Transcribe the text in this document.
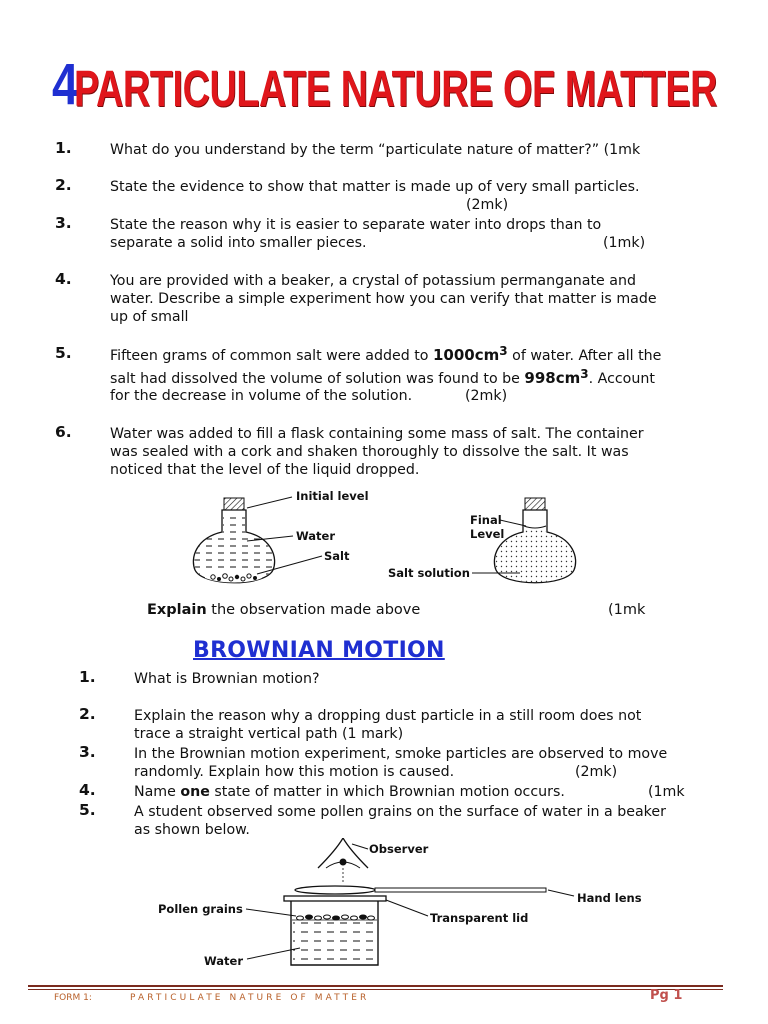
4
PARTICULATE NATURE OF MATTER
1.	What do you understand by the term “particulate nature of matter?” (1mk
2.	State the evidence to show that matter is made up of very small particles.
(2mk)
3.	State the reason why it is easier to separate water into drops than to
separate a solid into smaller pieces.	(1mk)
4.	You are provided with a beaker, a crystal of potassium permanganate and
water. Describe a simple experiment how you can verify that matter is made
up of small
5.	Fifteen grams of common salt were added to $1000cm^3$ of water. After all the
salt had dissolved the volume of solution was found to be $998cm^3$. Account
for the decrease in volume of the solution.	(2mk)
6.	Water was added to fill a flask containing some mass of salt. The container
was sealed with a cork and shaken thoroughly to dissolve the salt. It was
noticed that the level of the liquid dropped.
Initial level
Water
Salt
Final
Level
Salt solution
Explain the observation made above	(1mk
BROWNIAN MOTION
1.	What is Brownian motion?
2.	Explain the reason why a dropping dust particle in a still room does not
trace a straight vertical path (1 mark)
3.	In the Brownian motion experiment, smoke particles are observed to move
randomly. Explain how this motion is caused.	(2mk)
4.	Name one state of matter in which Brownian motion occurs.	(1mk
5.	A student observed some pollen grains on the surface of water in a beaker
as shown below.
Observer
Hand lens
Transparent lid
Pollen grains
Water
FORM 1:	PARTICULATE NATURE OF MATTER	Pg 1
